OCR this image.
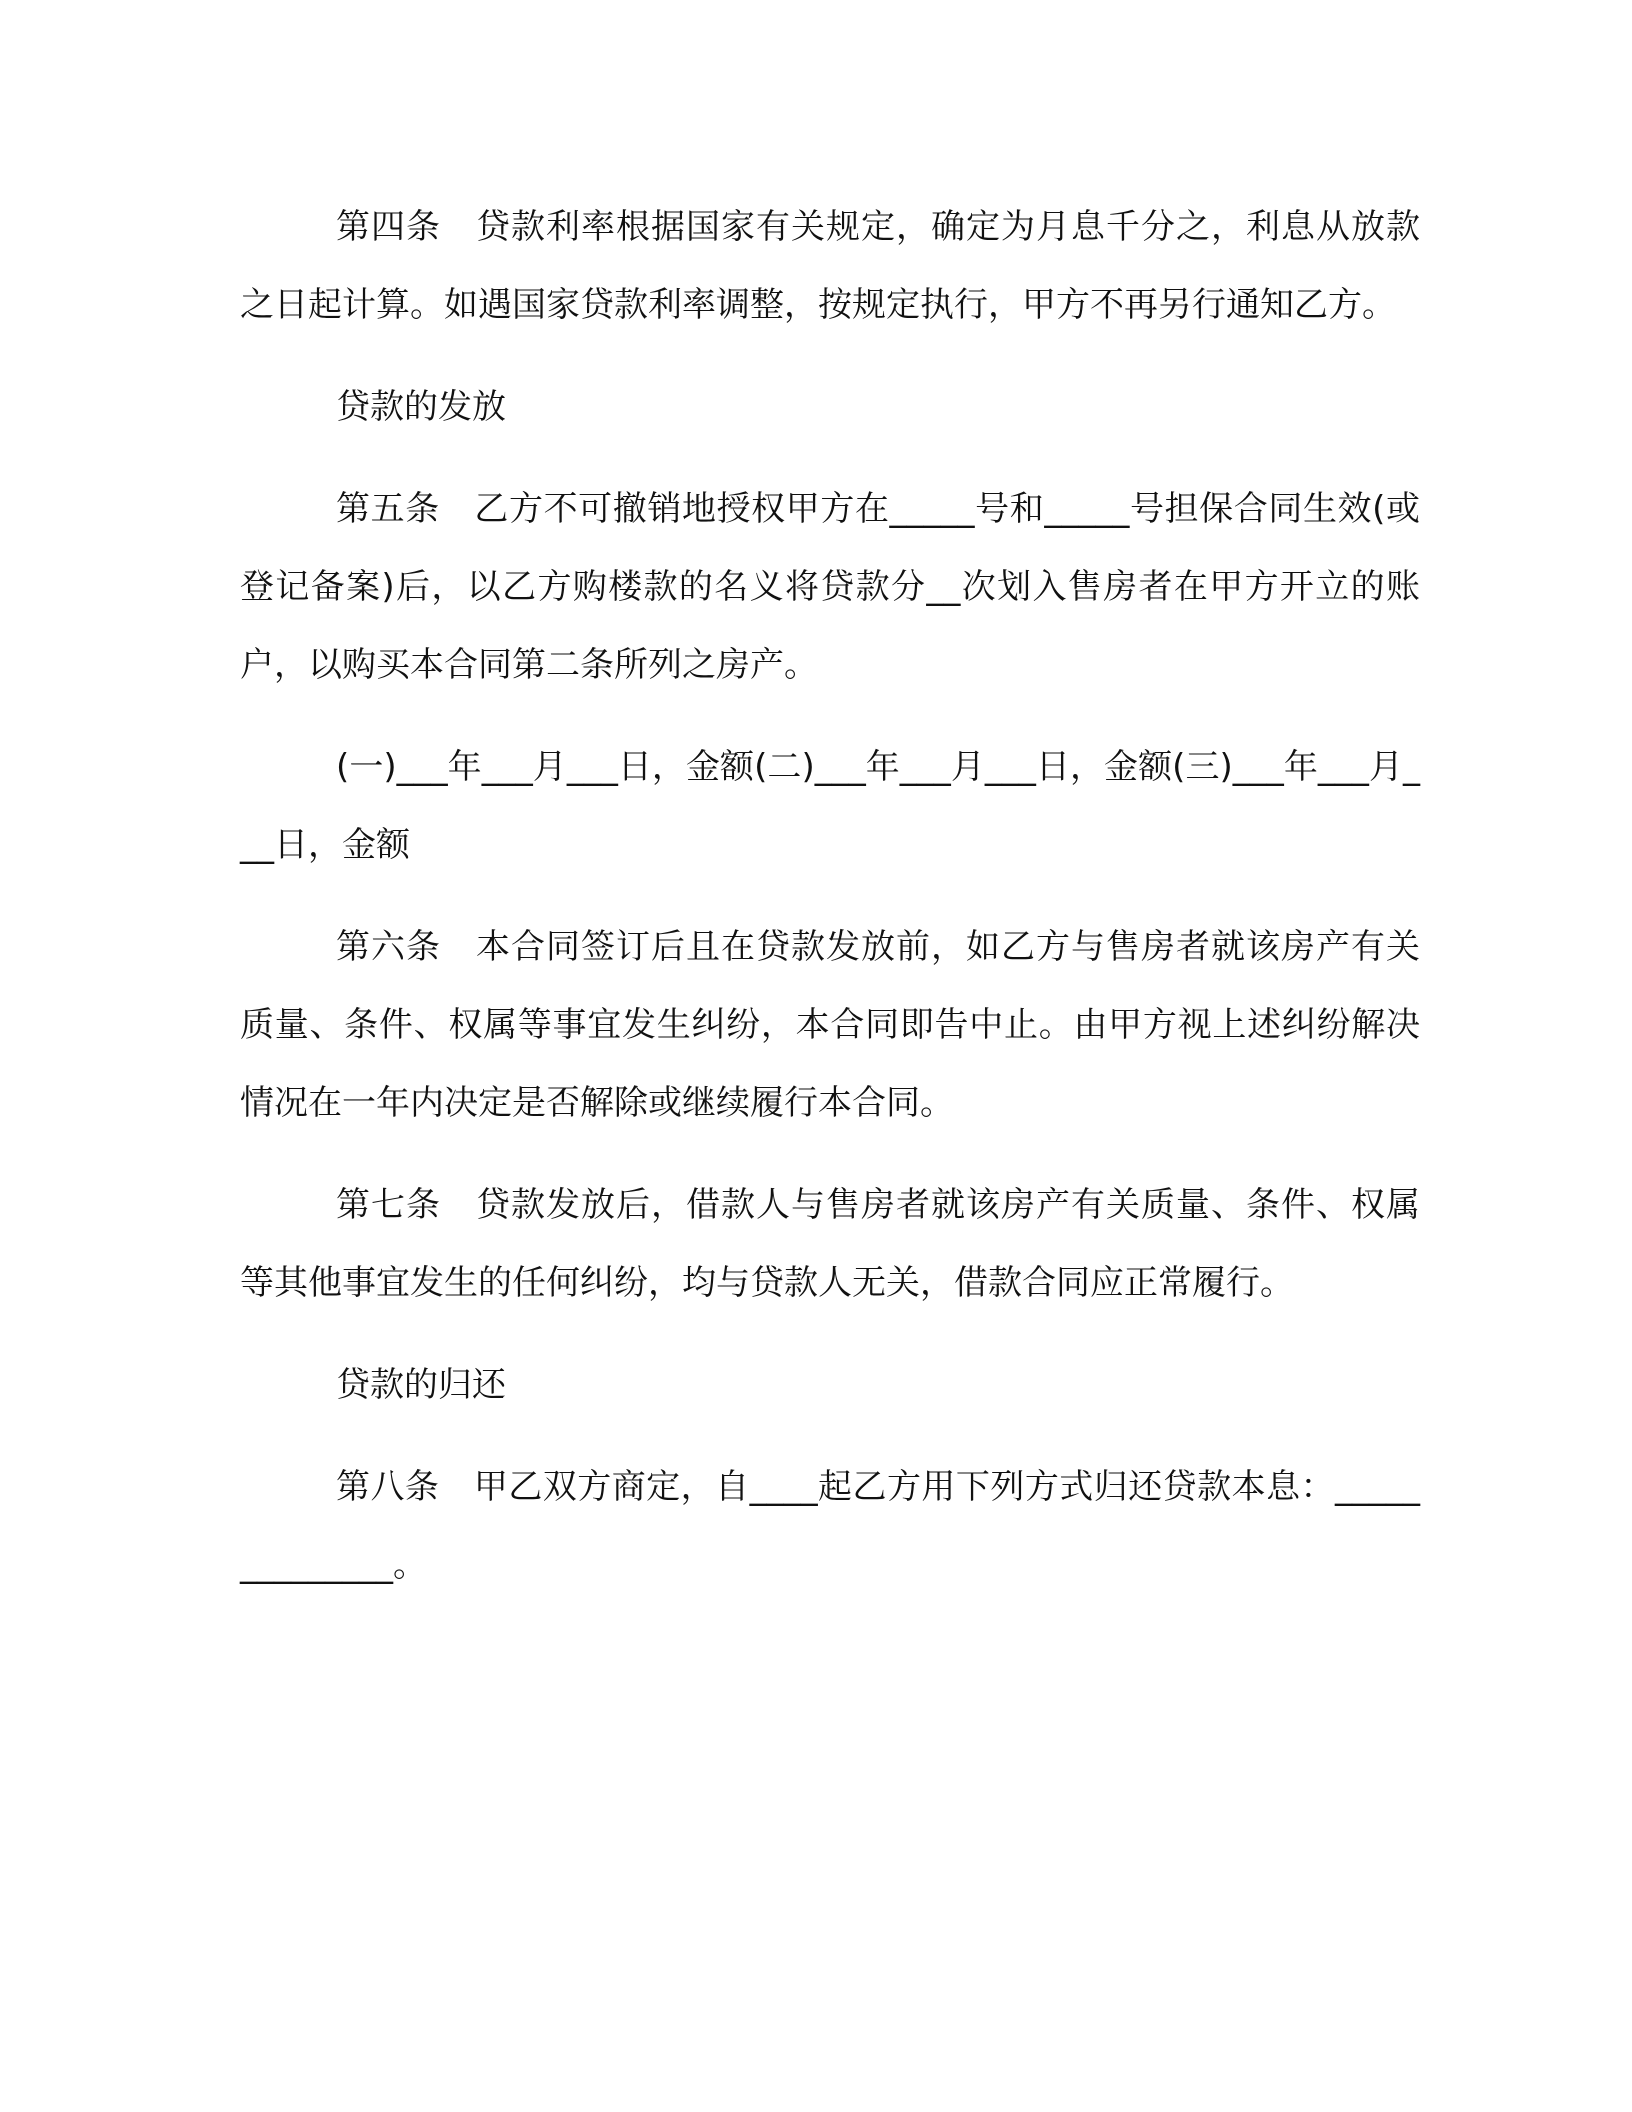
第四条　贷款利率根据国家有关规定，确定为月息千分之，利息从放款之日起计算。如遇国家贷款利率调整，按规定执行，甲方不再另行通知乙方。

贷款的发放

第五条　乙方不可撤销地授权甲方在_____号和_____号担保合同生效(或登记备案)后，以乙方购楼款的名义将贷款分__次划入售房者在甲方开立的账户，以购买本合同第二条所列之房产。

(一)___年___月___日，金额(二)___年___月___日，金额(三)___年___月___日，金额

第六条　本合同签订后且在贷款发放前，如乙方与售房者就该房产有关质量、条件、权属等事宜发生纠纷，本合同即告中止。由甲方视上述纠纷解决情况在一年内决定是否解除或继续履行本合同。

第七条　贷款发放后，借款人与售房者就该房产有关质量、条件、权属等其他事宜发生的任何纠纷，均与贷款人无关，借款合同应正常履行。

贷款的归还

第八条　甲乙双方商定，自____起乙方用下列方式归还贷款本息：______________。
